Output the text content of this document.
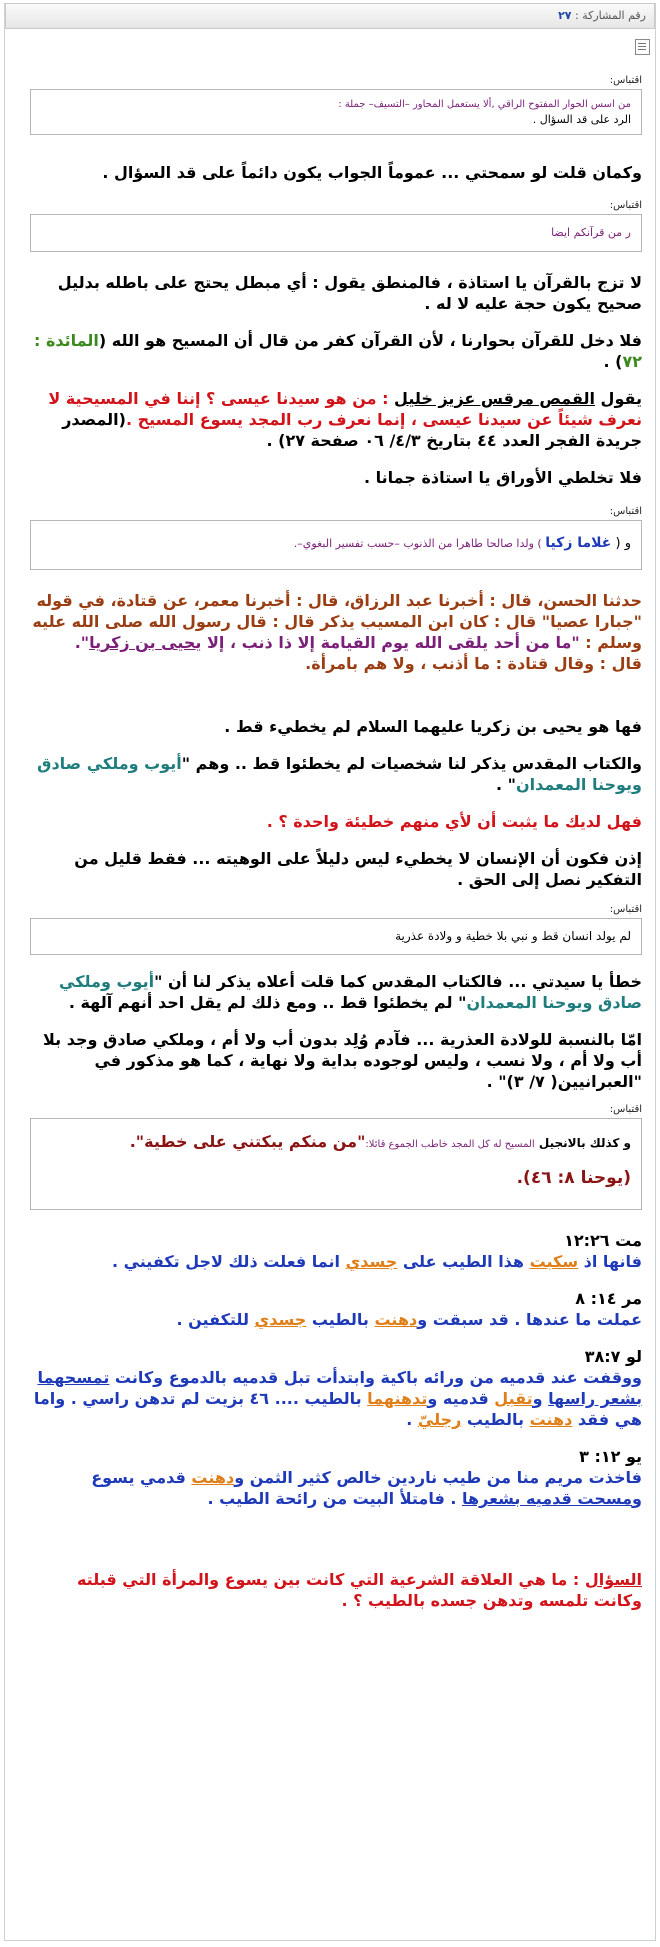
رقم المشاركة : ٢٧
اقتباس:
من اسس الحوار المفتوح الراقي ,ألا يستعمل المحاور –التسيف– جملة :
الرد على قد السؤال .

وكمان قلت لو سمحتي ... عموماً الجواب يكون دائماً على قد السؤال .

اقتباس:
ر من قرآنكم ايضا

لا تزج بالقرآن يا استاذة ، فالمنطق يقول : أي مبطل يحتج على باطله بدليل صحيح يكون حجة عليه لا له .

فلا دخل للقرآن بحوارنا ، لأن القرآن كفر من قال أن المسيح هو الله (المائدة : ٧٢) .

يقول القمص مرقس عزيز خليل : من هو سيدنا عيسى ؟ إننا في المسيحية لا نعرف شيئاً عن سيدنا عيسى ، إنما نعرف رب المجد يسوع المسيح .(المصدر جريدة الفجر العدد ٤٤ بتاريخ ٤/٣/ ٠٦ صفحة ٢٧) .

فلا تخلطي الأوراق يا استاذة جمانا .

اقتباس:
و ( غلاما زكيا ) ولدا صالحا طاهرا من الذنوب –حسب تفسير البغوي–.

حدثنا الحسن، قال : أخبرنا عبد الرزاق، قال : أخبرنا معمر، عن قتادة، في قوله "جبارا عصيا" قال : كان ابن المسيب يذكر قال : قال رسول الله صلى الله عليه وسلم : "ما من أحد يلقى الله يوم القيامة إلا ذا ذنب ، إلا يحيى بن زكريا".
قال : وقال قتادة : ما أذنب ، ولا هم بامرأة.

فها هو يحيى بن زكريا عليهما السلام لم يخطيء قط .

والكتاب المقدس يذكر لنا شخصيات لم يخطئوا قط .. وهم "أيوب وملكي صادق ويوحنا المعمدان" .

فهل لديك ما يثبت أن لأي منهم خطيئة واحدة ؟ .

إذن فكون أن الإنسان لا يخطيء ليس دليلاً على الوهيته ... فقط قليل من التفكير نصل إلى الحق .

اقتباس:
لم يولد انسان قط و نبي بلا خطية و ولادة عذرية

خطأ يا سيدتي ... فالكتاب المقدس كما قلت أعلاه يذكر لنا أن "أيوب وملكي صادق ويوحنا المعمدان" لم يخطئوا قط .. ومع ذلك لم يقل احد أنهم آلهة .

امّا بالنسبة للولادة العذرية ... فآدم وُلِد بدون أب ولا أم ، وملكي صادق وجد بلا أب ولا أم ، ولا نسب ، وليس لوجوده بداية ولا نهاية ، كما هو مذكور في "العبرانيين( ٧/ ٣)" .

اقتباس:
و كذلك بالانجيل المسيح له كل المجد خاطب الجموع قائلا:"من منكم يبكتني على خطية".
(يوحنا ٨: ٤٦).

مت ١٢:٢٦

فانها اذ سكبت هذا الطيب على جسدي انما فعلت ذلك لاجل تكفيني .

مر ١٤: ٨

عملت ما عندها . قد سبقت ودهنت بالطيب جسدي للتكفين .

لو ٣٨:٧

ووقفت عند قدميه من ورائه باكية وابتدأت تبل قدميه بالدموع وكانت تمسحهما بشعر راسها وتقبل قدميه وتدهنهما بالطيب .... ٤٦ بزيت لم تدهن راسي . واما هي فقد دهنت بالطيب رجليّ .

يو ١٢: ٣

فاخذت مريم منا من طيب ناردين خالص كثير الثمن ودهنت قدمي يسوع ومسحت قدميه بشعرها . فامتلأ البيت من رائحة الطيب .

السؤال : ما هي العلاقة الشرعية التي كانت بين يسوع والمرأة التي قبلته وكانت تلمسه وتدهن جسده بالطيب ؟ .
